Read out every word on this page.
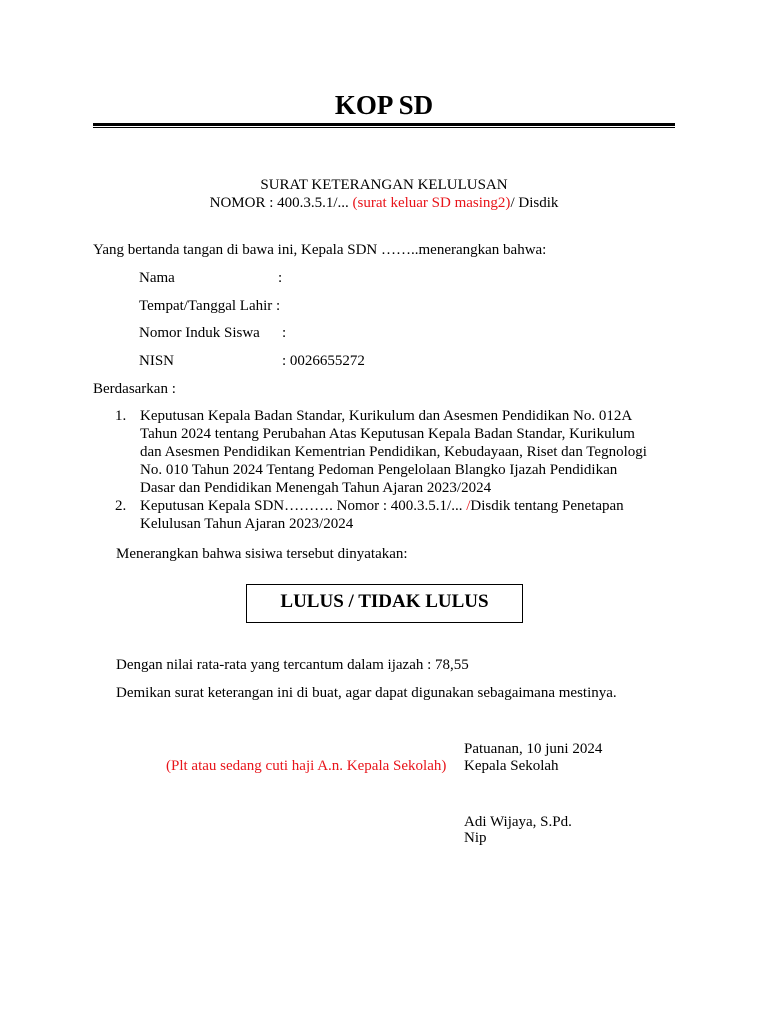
KOP SD
SURAT KETERANGAN KELULUSAN
NOMOR : 400.3.5.1/... (surat keluar SD masing2)/ Disdik
Yang bertanda tangan di bawa ini, Kepala SDN ……..menerangkan bahwa:
Nama	:
Tempat/Tanggal Lahir :
Nomor Induk Siswa :
NISN	: 0026655272
Berdasarkan :
1. Keputusan Kepala Badan Standar, Kurikulum dan Asesmen Pendidikan No. 012A
Tahun 2024 tentang Perubahan Atas Keputusan Kepala Badan Standar, Kurikulum
dan Asesmen Pendidikan Kementrian Pendidikan, Kebudayaan, Riset dan Tegnologi
No. 010 Tahun 2024 Tentang Pedoman Pengelolaan Blangko Ijazah Pendidikan
Dasar dan Pendidikan Menengah Tahun Ajaran 2023/2024
2. Keputusan Kepala SDN………. Nomor : 400.3.5.1/... /Disdik tentang Penetapan
Kelulusan Tahun Ajaran 2023/2024
Menerangkan bahwa sisiwa tersebut dinyatakan:
LULUS / TIDAK LULUS
Dengan nilai rata-rata yang tercantum dalam ijazah : 78,55
Demikan surat keterangan ini di buat, agar dapat digunakan sebagaimana mestinya.
Patuanan, 10 juni 2024
(Plt atau sedang cuti haji A.n. Kepala Sekolah) Kepala Sekolah
Adi Wijaya, S.Pd.
Nip
